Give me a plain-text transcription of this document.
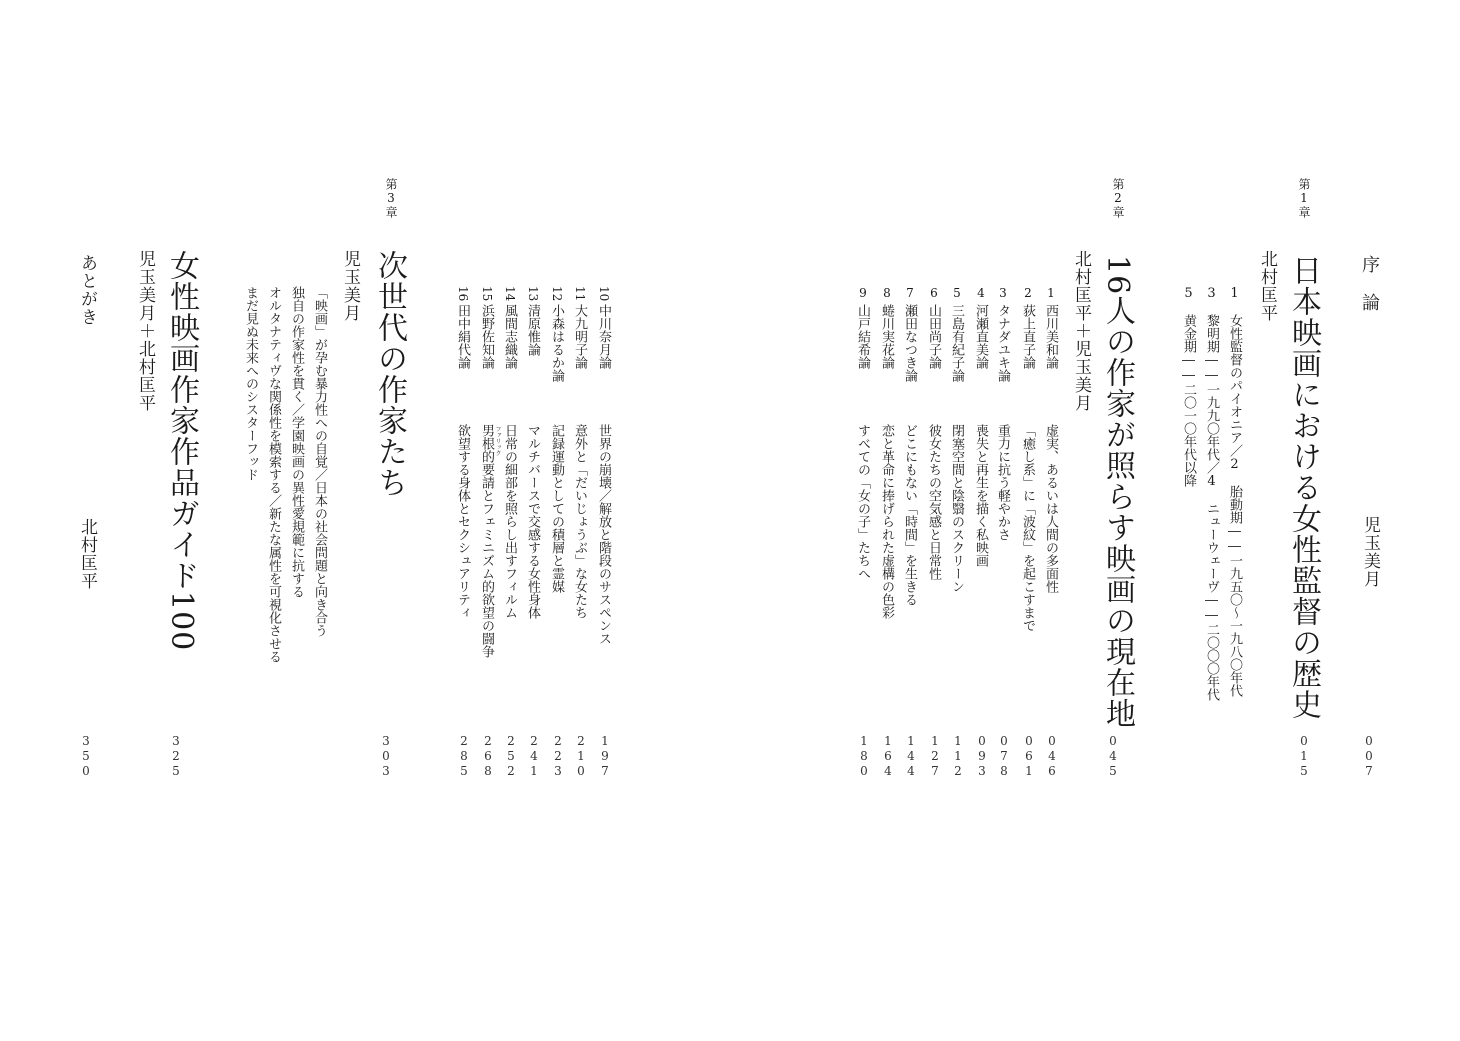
序　論
児玉美月
007
第1章
日本映画における女性監督の歴史
北村匡平
015
1　女性監督のパイオニア／2　胎動期――一九五〇～一九八〇年代
3　黎明期――一九九〇年代／4　ニューウェーヴ――二〇〇〇年代
5　黄金期――二〇一〇年代以降
第2章
16人の作家が照らす映画の現在地
北村匡平＋児玉美月
045
1
西川美和論
虚実、あるいは人間の多面性
046
2
荻上直子論
「癒し系」に「波紋」を起こすまで
061
3
タナダユキ論
重力に抗う軽やかさ
078
4
河瀬直美論
喪失と再生を描く私映画
093
5
三島有紀子論
閉塞空間と陰翳のスクリーン
112
6
山田尚子論
彼女たちの空気感と日常性
127
7
瀬田なつき論
どこにもない「時間」を生きる
144
8
蜷川実花論
恋と革命に捧げられた虚構の色彩
164
9
山戸結希論
すべての「女の子」たちへ
180
10
中川奈月論
世界の崩壊／解放と階段のサスペンス
197
11
大九明子論
意外と「だいじょうぶ」な女たち
210
12
小森はるか論
記録運動としての積層と霊媒
223
13
清原惟論
マルチバースで交感する女性身体
241
14
風間志織論
日常の細部を照らし出すフィルム
252
15
浜野佐知論
男根的要請とフェミニズム的欲望の闘争
268
ファリック
16
田中絹代論
欲望する身体とセクシュアリティ
285
第3章
次世代の作家たち
児玉美月
303
「映画」が孕む暴力性への自覚／日本の社会問題と向き合う
独自の作家性を貫く／学園映画の異性愛規範に抗する
オルタナティヴな関係性を模索する／新たな属性を可視化させる
まだ見ぬ未来へのシスターフッド
女性映画作家作品ガイド100
児玉美月＋北村匡平
325
あとがき
北村匡平
350
